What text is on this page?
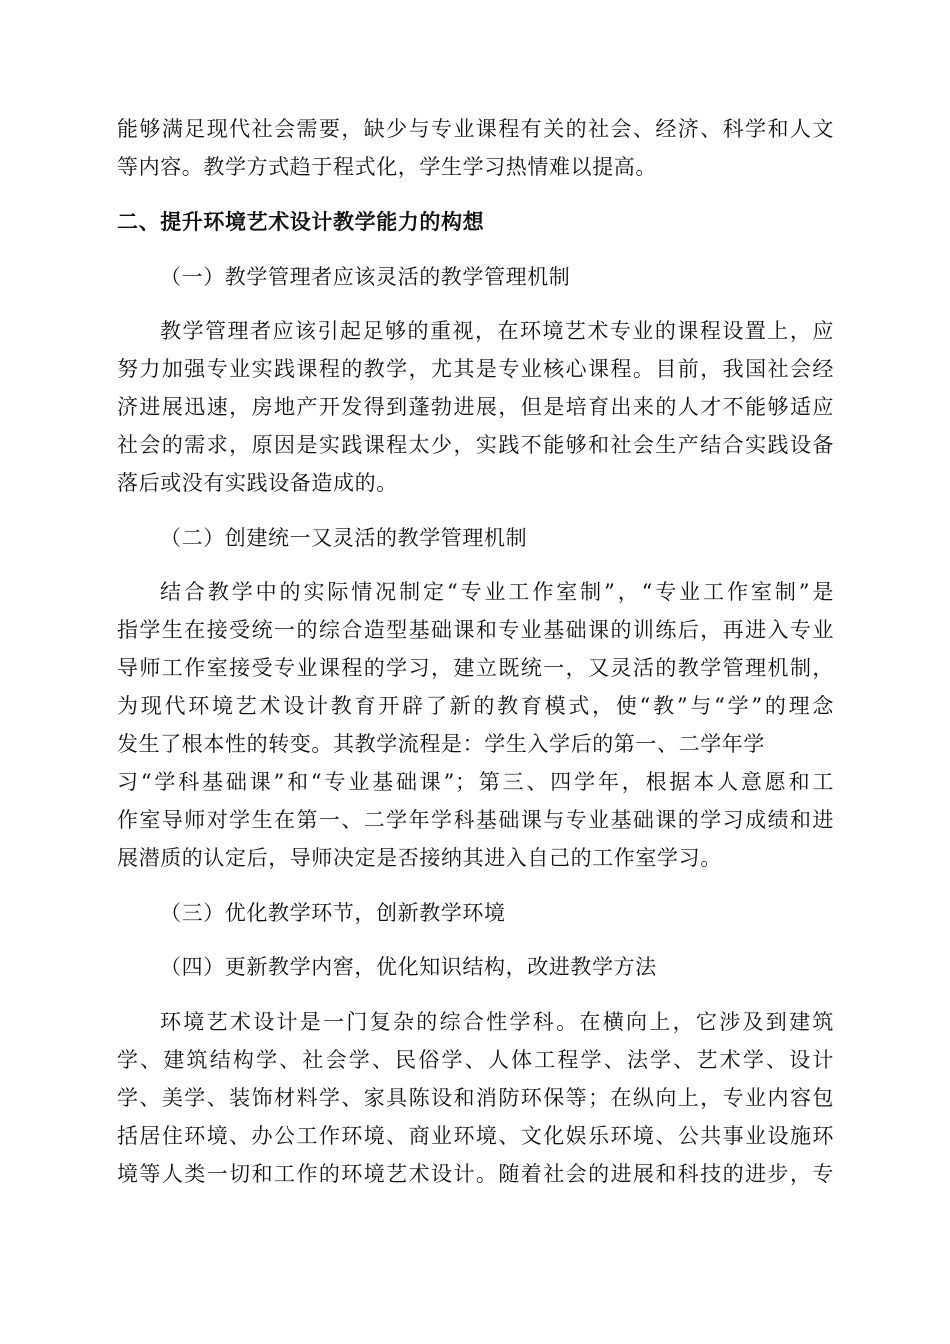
能够满足现代社会需要，缺少与专业课程有关的社会、经济、科学和人文
等内容。教学方式趋于程式化，学生学习热情难以提高。
二、提升环境艺术设计教学能力的构想
（一）教学管理者应该灵活的教学管理机制
教学管理者应该引起足够的重视，在环境艺术专业的课程设置上，应
努力加强专业实践课程的教学，尤其是专业核心课程。目前，我国社会经
济进展迅速，房地产开发得到蓬勃进展，但是培育出来的人才不能够适应
社会的需求，原因是实践课程太少，实践不能够和社会生产结合实践设备
落后或没有实践设备造成的。
（二）创建统一又灵活的教学管理机制
结合教学中的实际情况制定“专业工作室制”，“专业工作室制”是
指学生在接受统一的综合造型基础课和专业基础课的训练后，再进入专业
导师工作室接受专业课程的学习，建立既统一，又灵活的教学管理机制，
为现代环境艺术设计教育开辟了新的教育模式，使“教”与“学”的理念
发生了根本性的转变。其教学流程是：学生入学后的第一、二学年学
习“学科基础课”和“专业基础课”；第三、四学年，根据本人意愿和工
作室导师对学生在第一、二学年学科基础课与专业基础课的学习成绩和进
展潜质的认定后，导师决定是否接纳其进入自己的工作室学习。
（三）优化教学环节，创新教学环境
（四）更新教学内窖，优化知识结构，改进教学方法
环境艺术设计是一门复杂的综合性学科。在横向上，它涉及到建筑
学、建筑结构学、社会学、民俗学、人体工程学、法学、艺术学、设计
学、美学、装饰材料学、家具陈设和消防环保等；在纵向上，专业内容包
括居住环境、办公工作环境、商业环境、文化娱乐环境、公共事业设施环
境等人类一切和工作的环境艺术设计。随着社会的进展和科技的进步，专
